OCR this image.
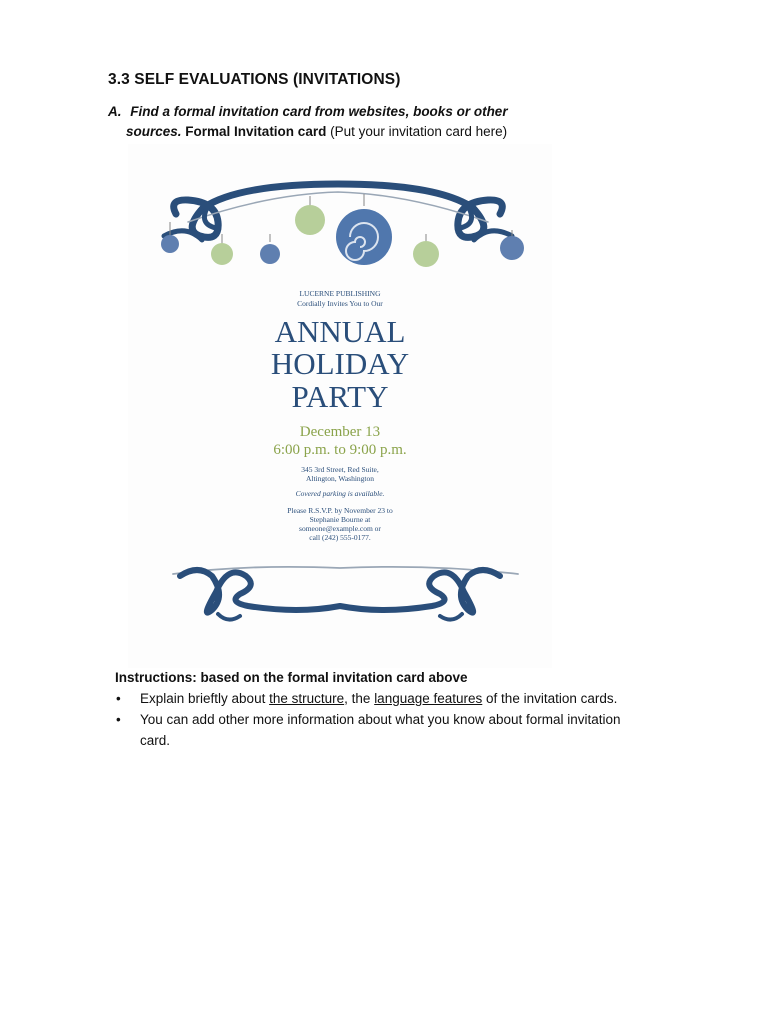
3.3 SELF EVALUATIONS (INVITATIONS)
A. Find a formal invitation card from websites, books or other
sources. Formal Invitation card (Put your invitation card here)
LUCERNE PUBLISHING
Cordially Invites You to Our
ANNUAL
HOLIDAY
PARTY
December 13
6:00 p.m. to 9:00 p.m.
345 3rd Street, Red Suite,
Altington, Washington
Covered parking is available.
Please R.S.V.P. by November 23 to
Stephanie Bourne at
someone@example.com or
call (242) 555-0177.
Instructions: based on the formal invitation card above
• Explain brieftly about the structure, the language features of the invitation cards.
• You can add other more information about what you know about formal invitation
card.
